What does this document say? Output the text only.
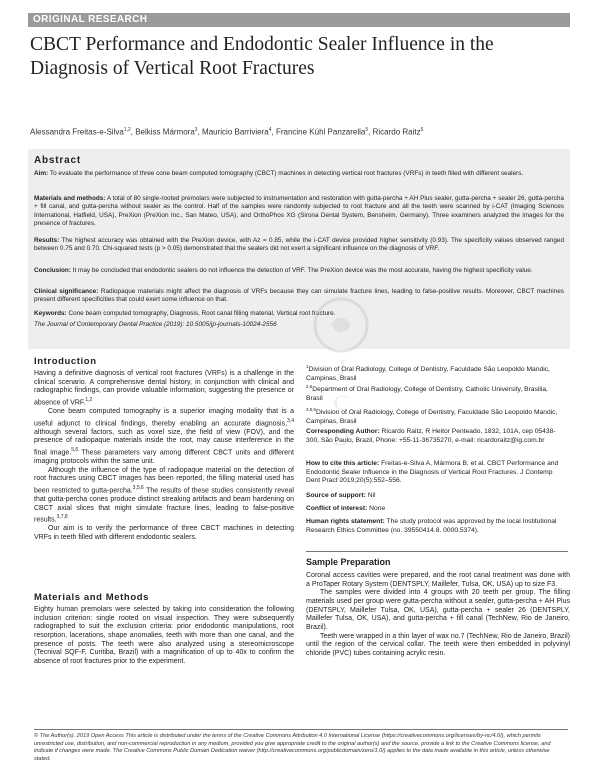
ORIGINAL RESEARCH
CBCT Performance and Endodontic Sealer Influence in the Diagnosis of Vertical Root Fractures
Alessandra Freitas-e-Silva$^{1,2}$, Belkiss Mármora$^3$, Mauricio Barriviera$^4$, Francine Kühl Panzarella$^5$, Ricardo Raitz$^6$
Abstract
Aim: To evaluate the performance of three cone beam computed tomography (CBCT) machines in detecting vertical root fractures (VRFs) in teeth filled with different sealers.
Materials and methods: A total of 80 single-rooted premolars were subjected to instrumentation and restoration with gutta-percha + AH Plus sealer, gutta-percha + sealer 26, gutta-percha + fill canal, and gutta-percha without sealer as the control. Half of the samples were randomly subjected to root fracture and all the teeth were scanned by i-CAT (Imaging Sciences International, Hatfield, USA), PreXion (PreXion Inc., San Mateo, USA), and OrthoPhos XG (Sirona Dental System, Bensheim, Germany). Three examiners analyzed the images for the presence of fractures.
Results: The highest accuracy was obtained with the PreXion device, with Az = 0.85, while the i-CAT device provided higher sensitivity (0.93). The specificity values observed ranged between 0.75 and 0.70. Chi-squared tests (p > 0.05) demonstrated that the sealers did not exert a significant influence on the diagnosis of VRF.
Conclusion: It may be concluded that endodontic sealers do not influence the detection of VRF. The PreXion device was the most accurate, having the highest specificity value.
Clinical significance: Radiopaque materials might affect the diagnosis of VRFs because they can simulate fracture lines, leading to false-positive results. Moreover, CBCT machines present different specificities that could exert some influence on that.
Keywords: Cone beam computed tomography, Diagnosis, Root canal filling material, Vertical root fracture.
The Journal of Contemporary Dental Practice (2019): 10.5005/jp-journals-10024-2556
Introduction

Having a definitive diagnosis of vertical root fractures (VRFs) is a challenge in the clinical scenario. A comprehensive dental history, in conjunction with clinical and radiographic findings, can provide valuable information, suggesting the presence or absence of VRF.$^{1,2}$

Cone beam computed tomography is a superior imaging modality that is a useful adjunct to clinical findings, thereby enabling an accurate diagnosis,$^{3,4}$ although several factors, such as voxel size, the field of view (FOV), and the presence of radiopaque materials inside the root, may cause interference in the final image.$^{5,6}$ These parameters vary among different CBCT units and different imaging protocols within the same unit.

Although the influence of the type of radiopaque material on the detection of root fractures using CBCT images has been reported, the filling material used has been restricted to gutta-percha.$^{3,5,6}$ The results of these studies consistently reveal that gutta-percha cones produce distinct streaking artifacts and beam hardening on CBCT axial slices that might simulate fracture lines, leading to false-positive results.$^{3,7,8}$

Our aim is to verify the performance of three CBCT machines in detecting VRFs in teeth filled with different endodontic sealers.

Materials and Methods

Eighty human premolars were selected by taking into consideration the following inclusion criterion: single rooted on visual inspection. They were subsequently radiographed to suit the exclusion criteria: prior endodontic manipulations, root resorption, lacerations, shape anomalies, teeth with more than one canal, and the presence of posts. The teeth were also analyzed using a stereomicroscope (Tecnival SQF-F, Curitiba, Brazil) with a magnification of up to 40x to confirm the absence of root fractures prior to the experiment.

J
C
D
P
$^1$Division of Oral Radiology, College of Dentistry, Faculdade São Leopoldo Mandic, Campinas, Brasil
$^{2,6}$Department of Oral Radiology, College of Dentistry, Catholic University, Brasilia, Brasil
$^{3,5,6}$Division of Oral Radiology, College of Dentistry, Faculdade São Leopoldo Mandic, Campinas, Brasil
Corresponding Author: Ricardo Raitz, R Heitor Penteado, 1832, 101A, cep 05438-300, São Paulo, Brazil, Phone: +55-11-36735270, e-mail: ricardoraitz@ig.com.br
How to cite this article: Freitas-e-Silva A, Mármora B, et al. CBCT Performance and Endodontic Sealer Influence in the Diagnosis of Vertical Root Fractures. J Contemp Dent Pract 2019;20(5):552–556.
Source of support: Nil
Conflict of interest: None
Human rights statement: The study protocol was approved by the local Institutional Research Ethics Committee (no. 39550414.8. 0000.5374).
Sample Preparation

Coronal access cavities were prepared, and the root canal treatment was done with a ProTaper Rotary System (DENTSPLY, Maillefer, Tulsa, OK, USA) up to size F3.

The samples were divided into 4 groups with 20 teeth per group. The filling materials used per group were gutta-percha without a sealer, gutta-percha + AH Plus (DENTSPLY, Maillefer Tulsa, OK, USA), gutta-percha + sealer 26 (DENTSPLY, Maillefer Tulsa, OK, USA), and gutta-percha + fill canal (TechNew, Rio de Janeiro, Brazil).

Teeth were wrapped in a thin layer of wax no.7 (TechNew, Rio de Janeiro, Brazil) until the region of the cervical collar. The teeth were then embedded in polyvinyl chloride (PVC) tubes containing acrylic resin.

© The Author(s). 2019 Open Access This article is distributed under the terms of the Creative Commons Attribution 4.0 International License (https://creativecommons.org/licenses/by-nc/4.0/), which permits unrestricted use, distribution, and non-commercial reproduction in any medium, provided you give appropriate credit to the original author(s) and the source, provide a link to the Creative Commons license, and indicate if changes were made. The Creative Commons Public Domain Dedication waiver (http://creativecommons.org/publicdomain/zero/1.0/) applies to the data made available in this article, unless otherwise stated.
